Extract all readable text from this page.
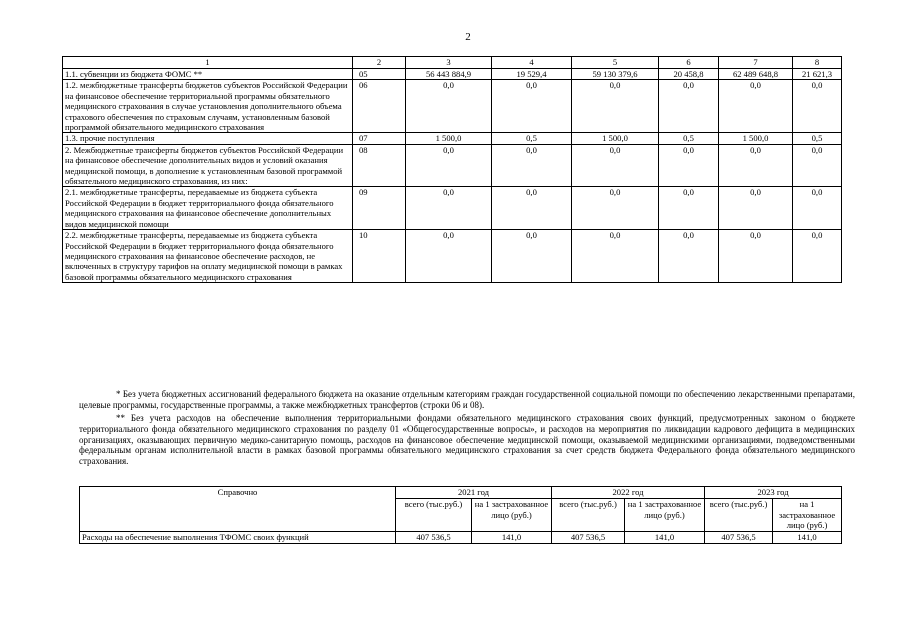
2
1	2	3	4	5	6	7	8
1.1. субвенции из бюджета ФОМС **	05	56 443 884,9	19 529,4	59 130 379,6	20 458,8	62 489 648,8	21 621,3
1.2. межбюджетные трансферты бюджетов субъектов Российской Федерации на финансовое обеспечение территориальной программы обязательного медицинского страхования в случае установления дополнительного объема страхового обеспечения по страховым случаям, установленным базовой программой обязательного медицинского страхования	06	0,0	0,0	0,0	0,0	0,0	0,0
1.3. прочие поступления	07	1 500,0	0,5	1 500,0	0,5	1 500,0	0,5
2. Межбюджетные трансферты бюджетов субъектов Российской Федерации на финансовое обеспечение дополнительных видов и условий оказания медицинской помощи, в дополнение к установленным базовой программой обязательного медицинского страхования, из них:	08	0,0	0,0	0,0	0,0	0,0	0,0
2.1. межбюджетные трансферты, передаваемые из бюджета субъекта Российской Федерации в бюджет территориального фонда обязательного медицинского страхования на финансовое обеспечение дополнительных видов медицинской помощи	09	0,0	0,0	0,0	0,0	0,0	0,0
2.2. межбюджетные трансферты, передаваемые из бюджета субъекта Российской Федерации в бюджет территориального фонда обязательного медицинского страхования на финансовое обеспечение расходов, не включенных в структуру тарифов на оплату медицинской помощи в рамках базовой программы обязательного медицинского страхования	10	0,0	0,0	0,0	0,0	0,0	0,0

* Без учета бюджетных ассигнований федерального бюджета на оказание отдельным категориям граждан государственной социальной помощи по обеспечению лекарственными препаратами, целевые программы, государственные программы, а также межбюджетных трансфертов (строки 06 и 08).

** Без учета расходов на обеспечение выполнения территориальными фондами обязательного медицинского страхования своих функций, предусмотренных законом о бюджете территориального фонда обязательного медицинского страхования по разделу 01 «Общегосударственные вопросы», и расходов на мероприятия по ликвидации кадрового дефицита в медицинских организациях, оказывающих первичную медико-санитарную помощь, расходов на финансовое обеспечение медицинской помощи, оказываемой медицинскими организациями, подведомственными федеральным органам исполнительной власти в рамках базовой программы обязательного медицинского страхования за счет средств бюджета Федерального фонда обязательного медицинского страхования.

Справочно	2021 год		2022 год		2023 год	
	всего (тыс.руб.)	на 1 застрахованное лицо (руб.)	всего (тыс.руб.)	на 1 застрахованное лицо (руб.)	всего (тыс.руб.)	на 1 застрахованное лицо (руб.)
Расходы на обеспечение выполнения ТФОМС своих функций	407 536,5	141,0	407 536,5	141,0	407 536,5	141,0
